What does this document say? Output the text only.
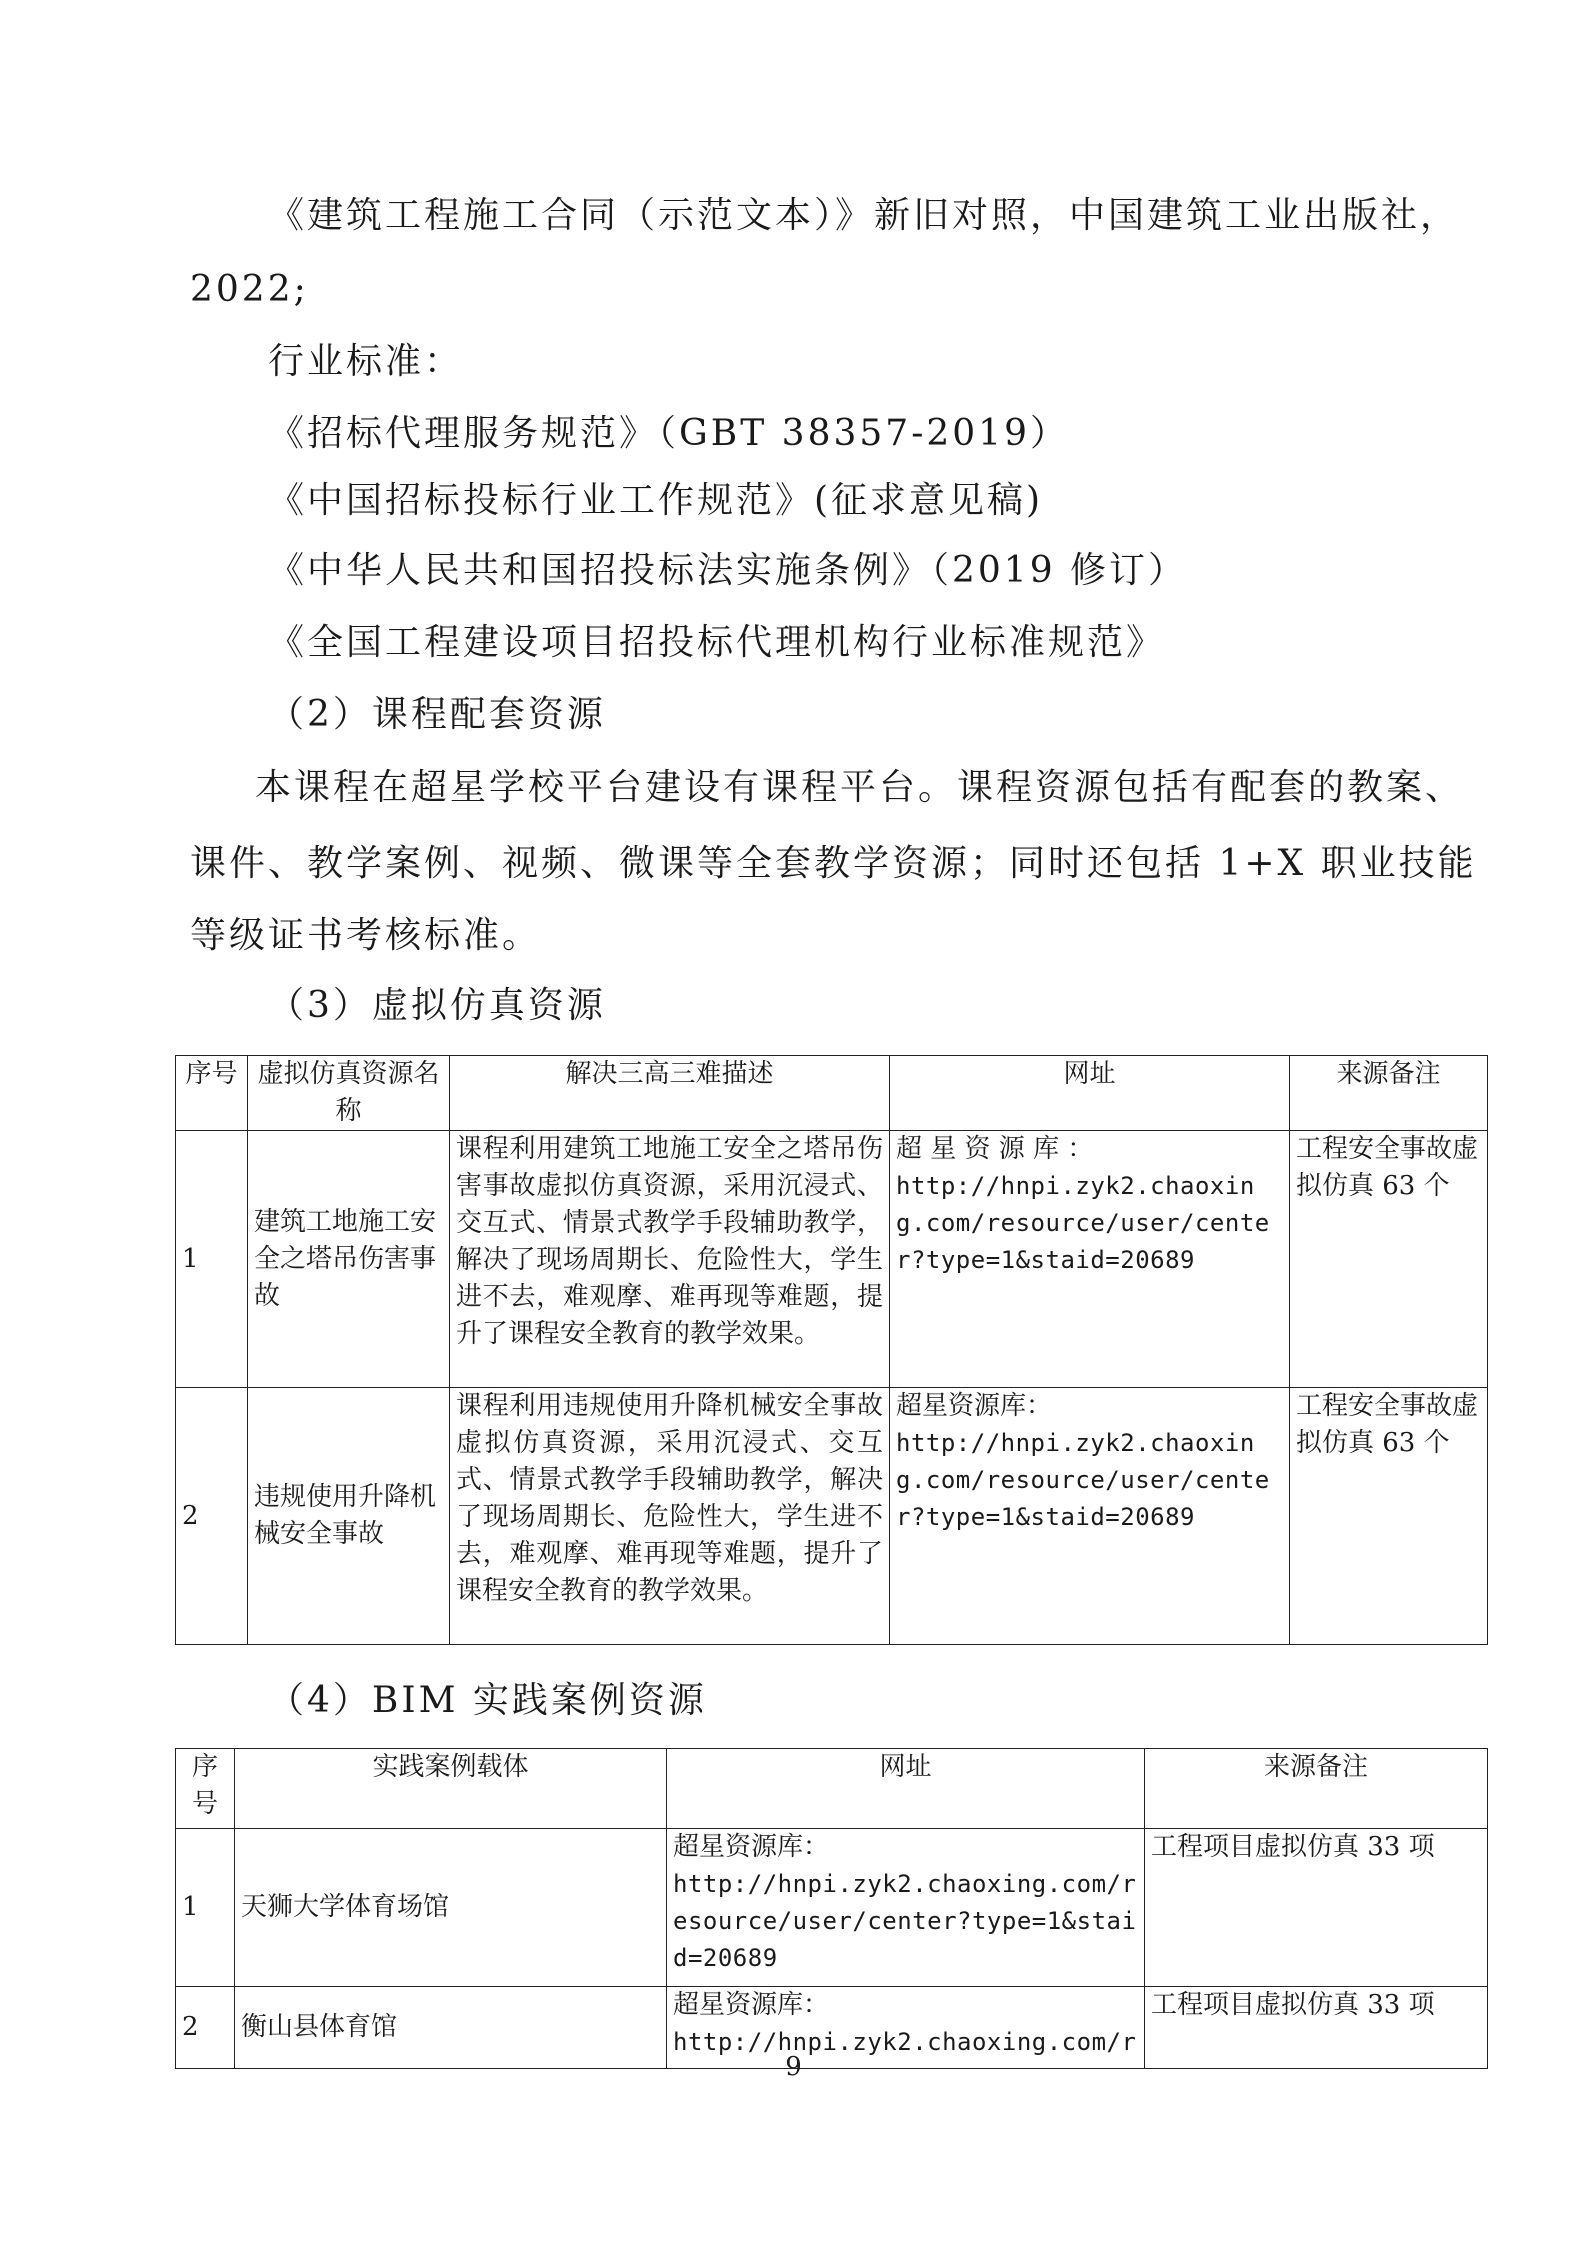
《建筑工程施工合同（示范文本）》新旧对照，中国建筑工业出版社，
2022;
行业标准：
《招标代理服务规范》（GBT 38357-2019）
《中国招标投标行业工作规范》(征求意见稿)
《中华人民共和国招投标法实施条例》（2019 修订）
《全国工程建设项目招投标代理机构行业标准规范》
（2）课程配套资源
本课程在超星学校平台建设有课程平台。课程资源包括有配套的教案、
课件、教学案例、视频、微课等全套教学资源；同时还包括 1+X 职业技能
等级证书考核标准。
（3）虚拟仿真资源
序号	虚拟仿真资源名称	解决三高三难描述	网址	来源备注
1	建筑工地施工安全之塔吊伤害事故	课程利用建筑工地施工安全之塔吊伤害事故虚拟仿真资源，采用沉浸式、交互式、情景式教学手段辅助教学，解决了现场周期长、危险性大，学生进不去，难观摩、难再现等难题，提升了课程安全教育的教学效果。	超 星 资 源 库 ：
http://hnpi.zyk2.chaoxing.com/resource/user/center?type=1&staid=20689	工程安全事故虚拟仿真 63 个
2	违规使用升降机械安全事故	课程利用违规使用升降机械安全事故虚拟仿真资源，采用沉浸式、交互式、情景式教学手段辅助教学，解决了现场周期长、危险性大，学生进不去，难观摩、难再现等难题，提升了课程安全教育的教学效果。	超星资源库：
http://hnpi.zyk2.chaoxing.com/resource/user/center?type=1&staid=20689	工程安全事故虚拟仿真 63 个
（4）BIM 实践案例资源
序号	实践案例载体	网址	来源备注
1	天狮大学体育场馆	超星资源库：
http://hnpi.zyk2.chaoxing.com/resource/user/center?type=1&staid=20689	工程项目虚拟仿真 33 项
2	衡山县体育馆	超星资源库：
http://hnpi.zyk2.chaoxing.com/r	工程项目虚拟仿真 33 项
9
